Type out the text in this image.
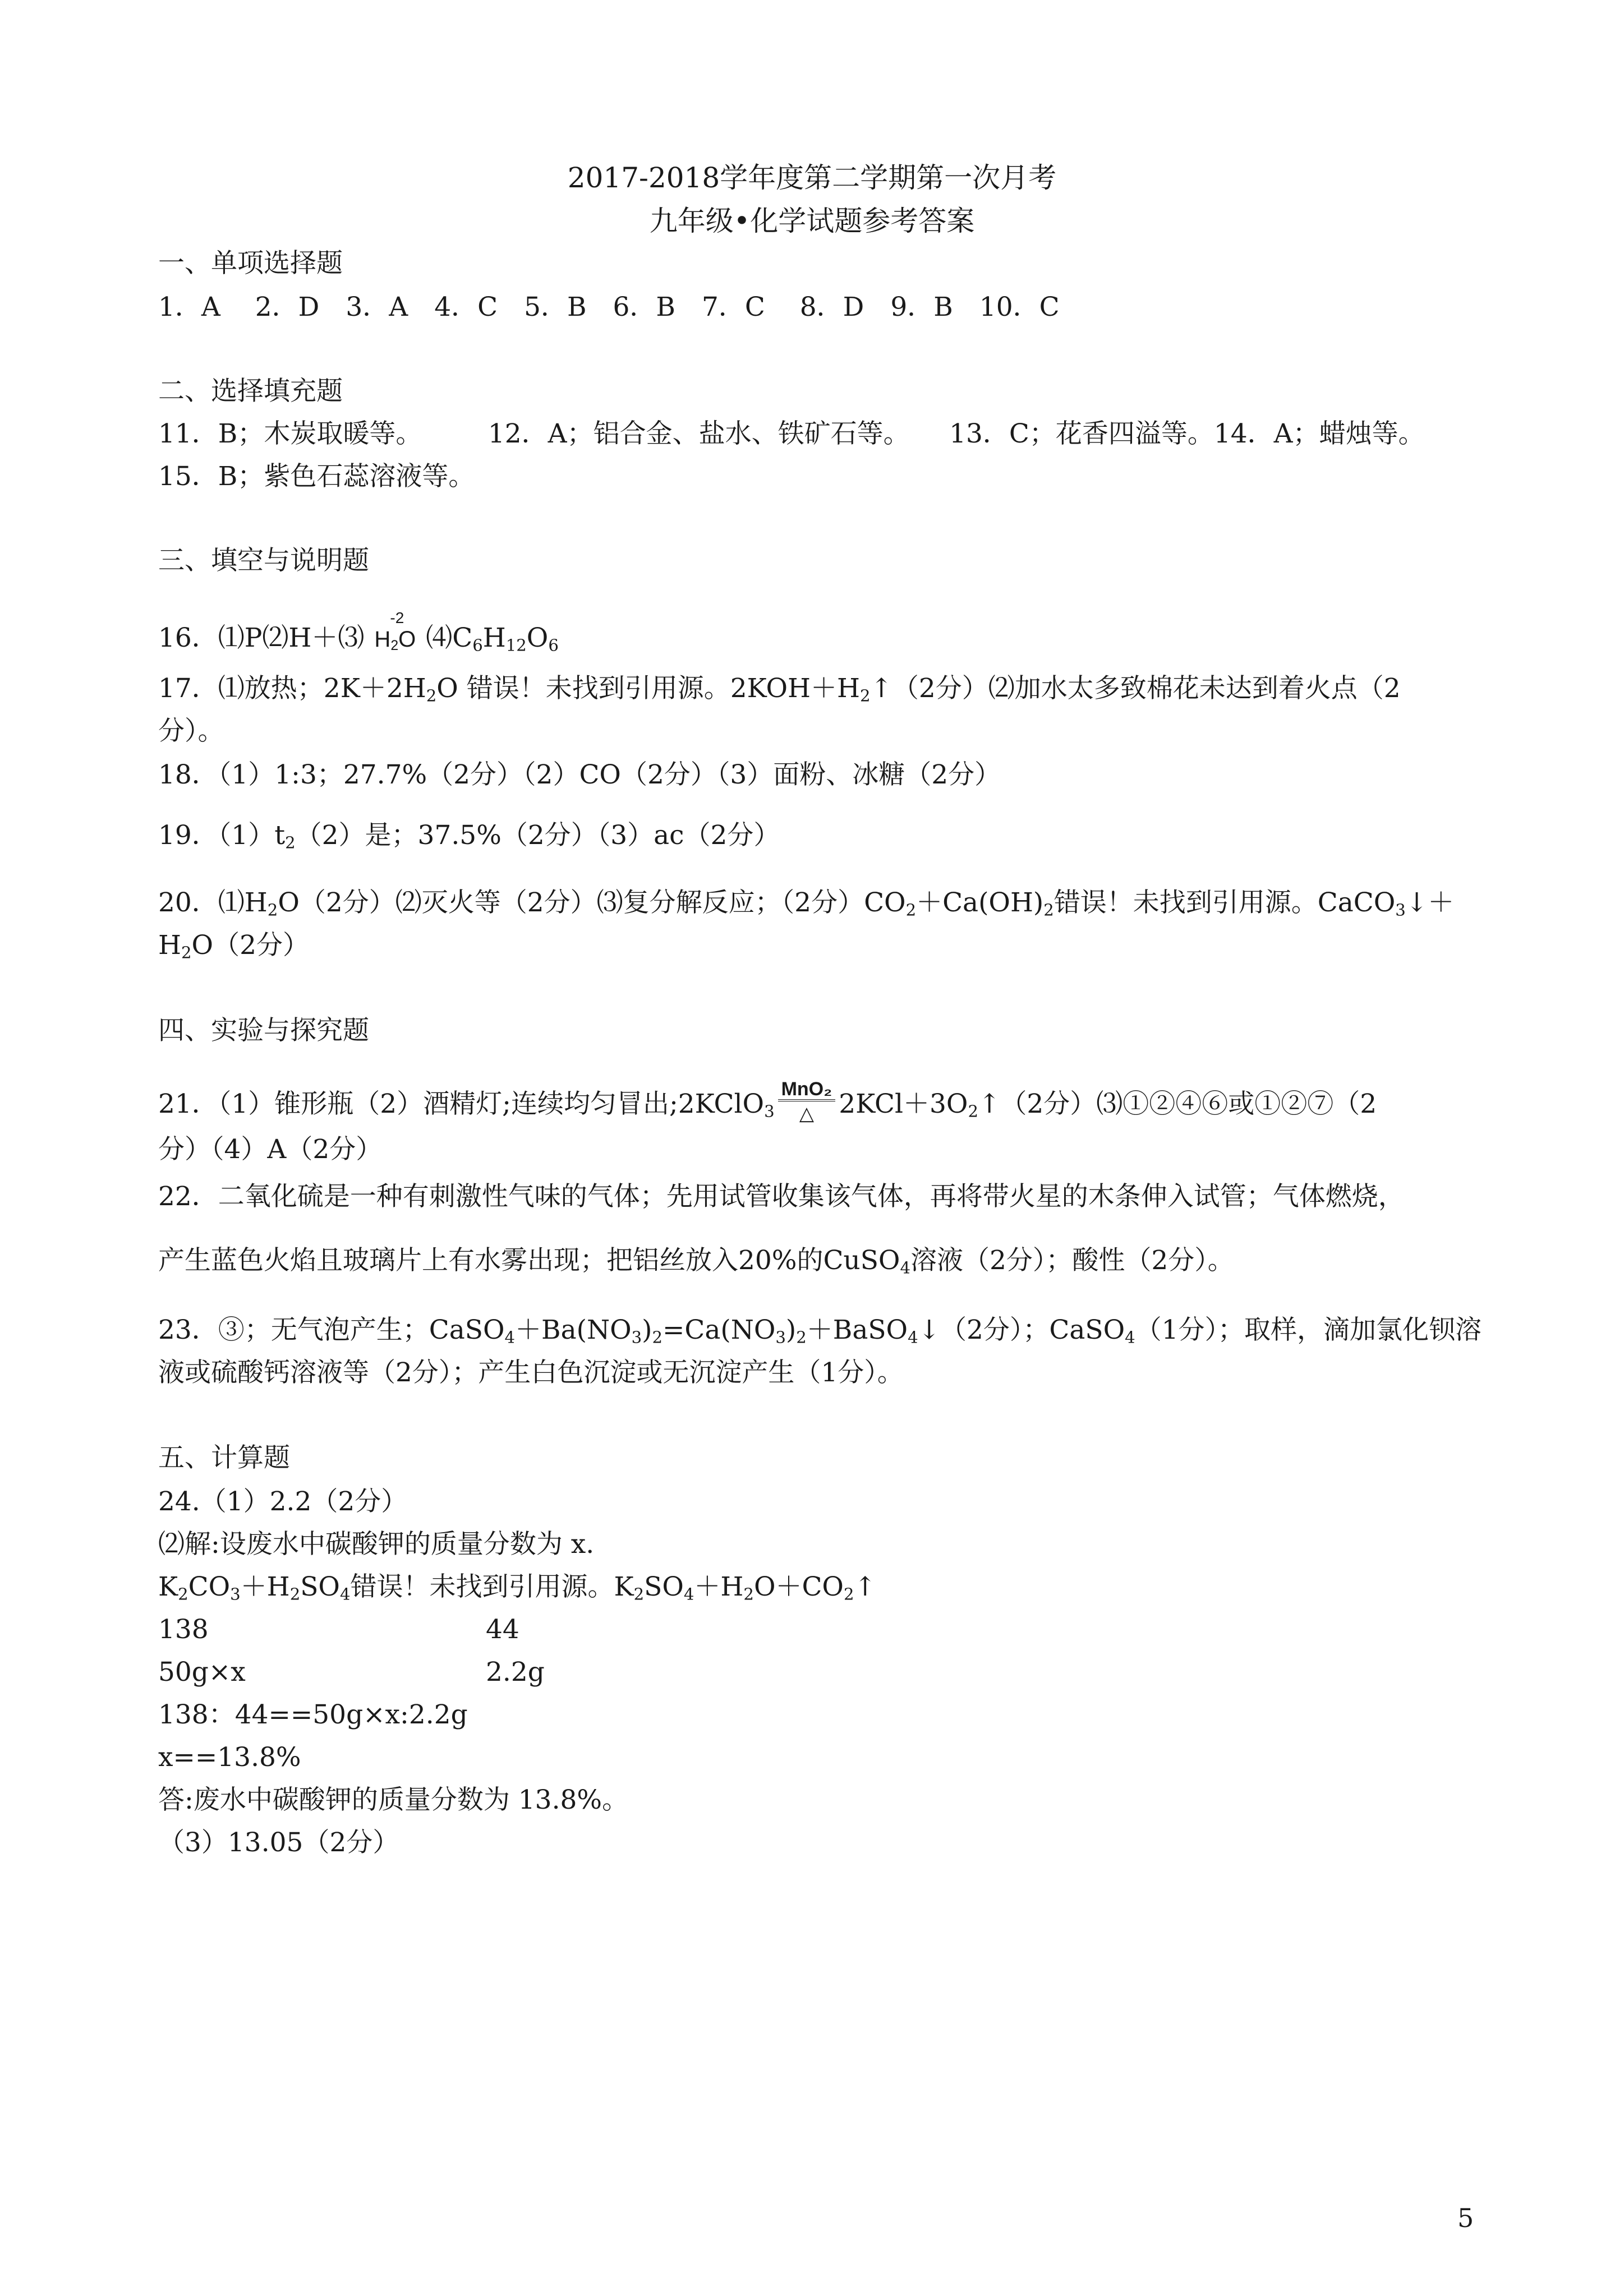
2017-2018学年度第二学期第一次月考
九年级•化学试题参考答案
一、单项选择题
1．A　 2．D　3．A　4．C　5．B　6．B　7．C　 8．D　9．B　10．C
二、选择填充题
11．B；木炭取暖等。　　　12．A；铝合金、盐水、铁矿石等。　　13．C；花香四溢等。14．A；蜡烛等。
15．B；紫色石蕊溶液等。
三、填空与说明题
16．⑴P⑵H＋⑶
-2
$H_2O$ $⑷C_6H_{12}O_6$
17．⑴放热；$2K+2H_2O$ 错误！未找到引用源。$2KOH+H_2↑(2$分）⑵加水太多致棉花未达到着火点（2
分）。
18．（1）1:3；27.7%（2分）（2）CO（2分）（3）面粉、冰糖（2分）
19．$(1)t_2(2)$是；37.5%（2分）（3）ac（2分）
20．$⑴H_2O(2$分）⑵灭火等（2分）⑶复分解反应；（2分）$CO_2+Ca(OH)_2$错误！未找到引用源。CaCO$_3$↓＋
$H_2O(2$分）
四、实验与探究题
21．（1）锥形瓶（2）酒精灯;连续均匀冒出;2KClO$_3$ $\frac{\text{MnO₂}}{\triangle}$ $2KCl+3O_2↑(2$分）⑶①②④⑥或①②⑦（2
分）（4）A（2分）
22．二氧化硫是一种有刺激性气味的气体；先用试管收集该气体，再将带火星的木条伸入试管；气体燃烧，
产生蓝色火焰且玻璃片上有水雾出现；把铝丝放入20%的CuSO$_4$溶液（2分）；酸性（2分）。
23．③；无气泡产生；$CaSO_4+Ba(NO_3)_2=Ca(NO_3)_2+BaSO_4↓(2$分）；CaSO$_4$（1分）；取样，滴加氯化钡溶
液或硫酸钙溶液等（2分）；产生白色沉淀或无沉淀产生（1分）。
五、计算题
24.（1）2.2（2分）
⑵解:设废水中碳酸钾的质量分数为 x.
$K_2CO_3+H_2SO_4$错误！未找到引用源。$K_2SO_4+H_2O+CO_2↑$
138	44
50g×x	2.2g
138：44==50g×x:2.2g
x==13.8%
答:废水中碳酸钾的质量分数为 13.8%。
（3）13.05（2分）
5
